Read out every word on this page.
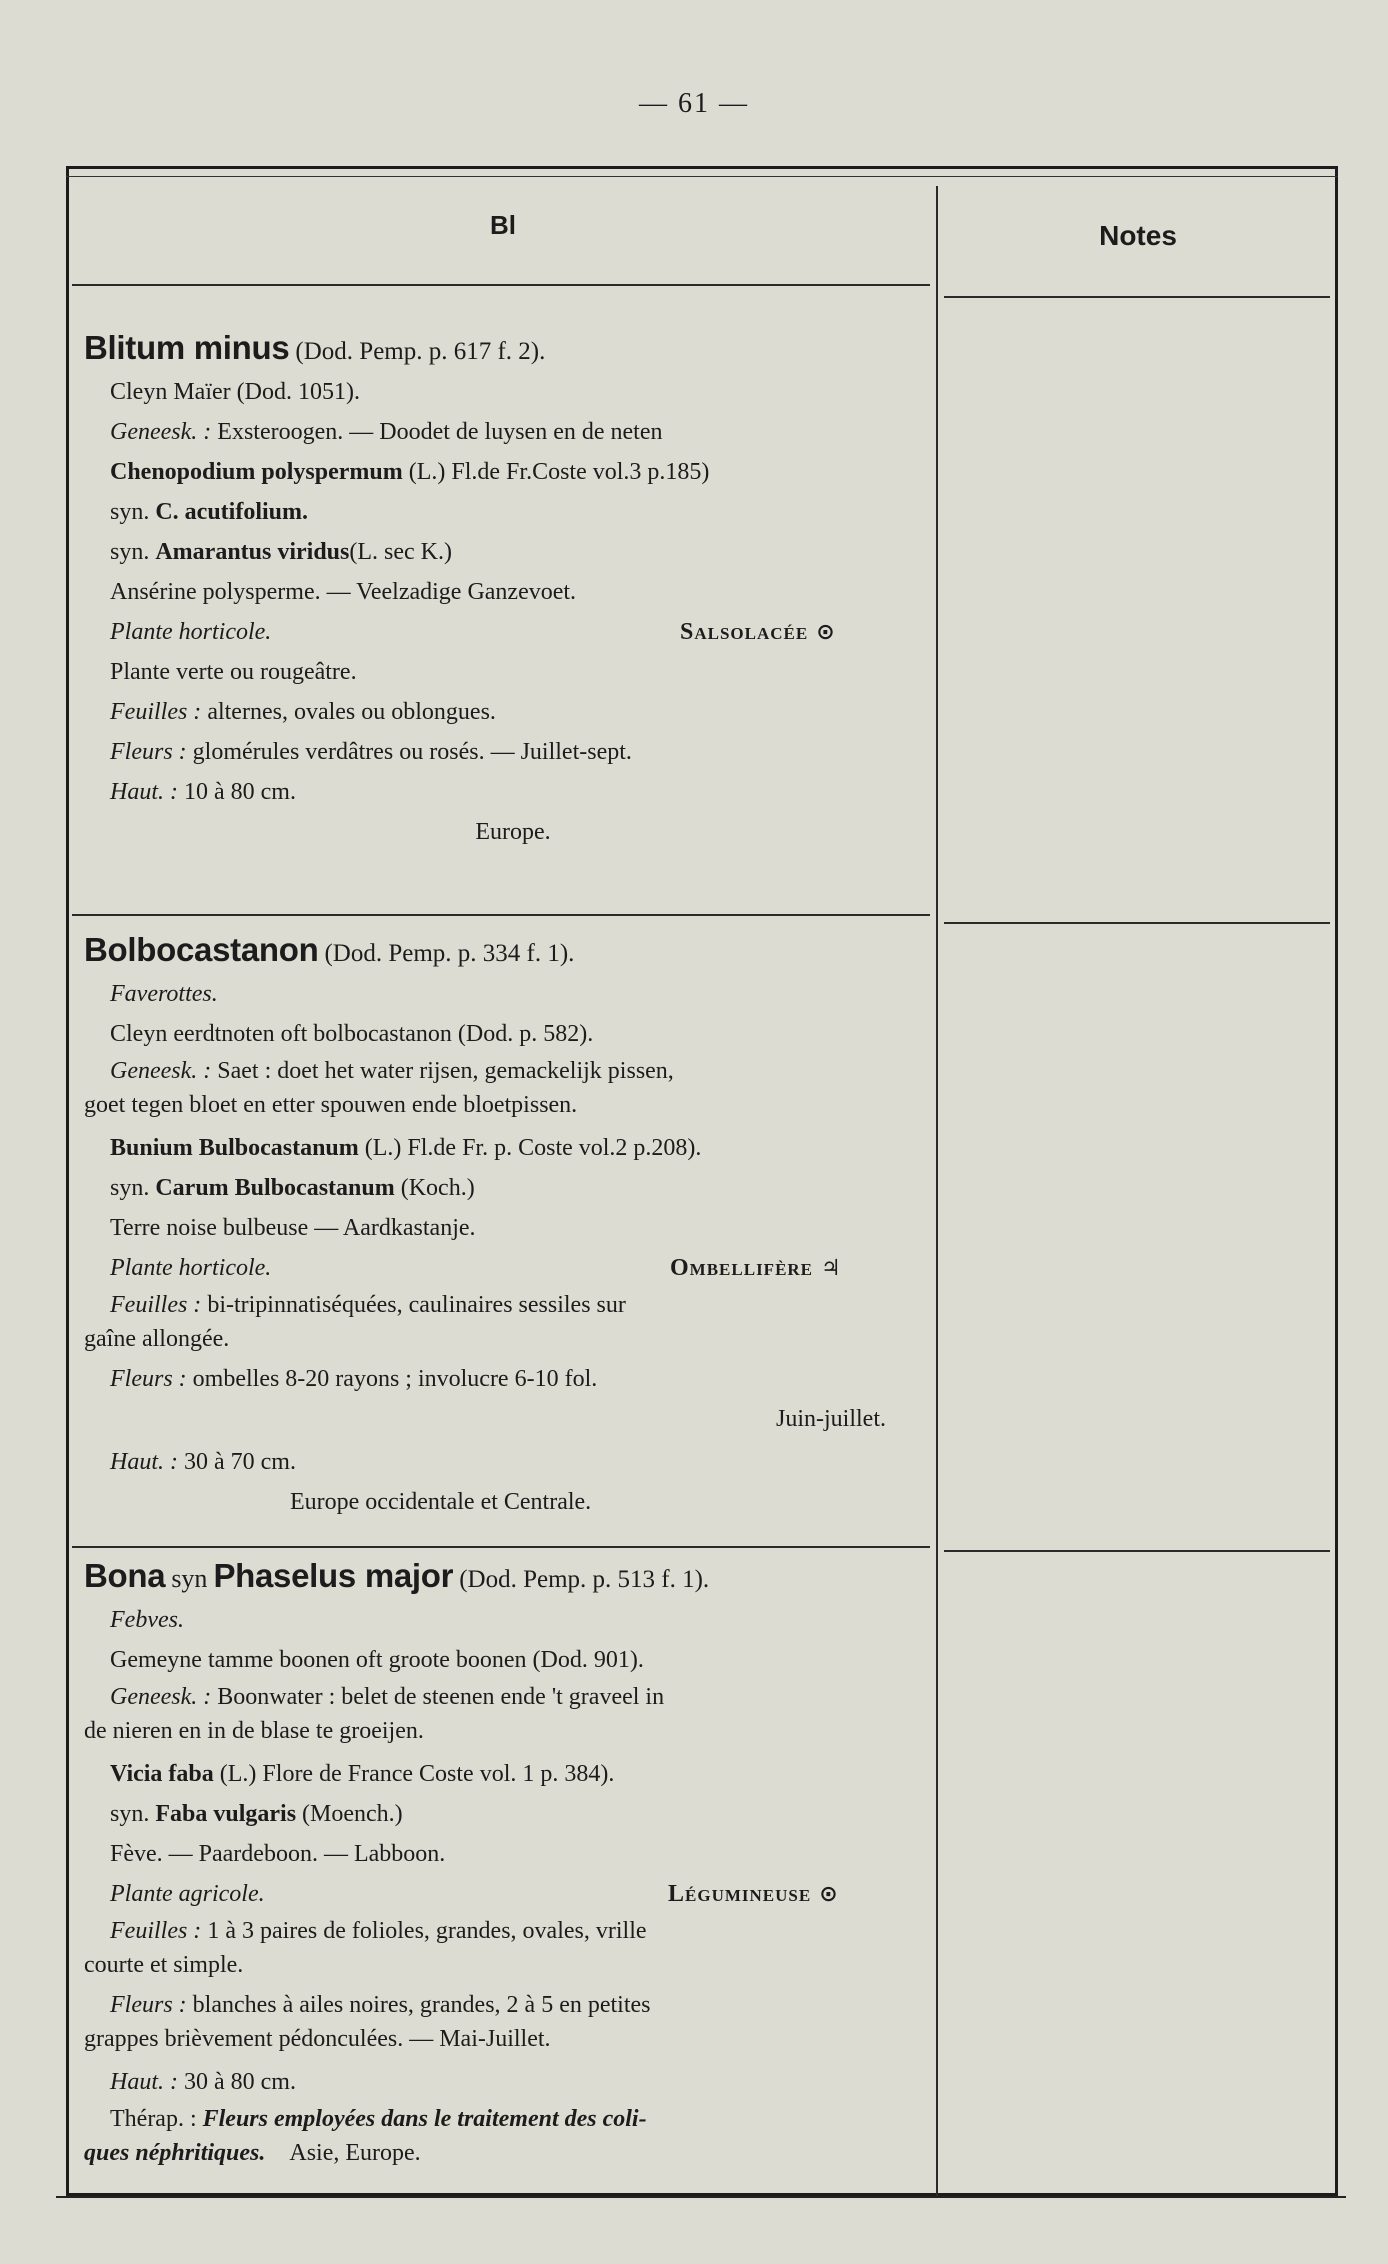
— 61 —
Bl	Notes

Blitum minus (Dod. Pemp. p. 617 f. 2).

Cleyn Maïer (Dod. 1051).

Geneesk. : Exsteroogen. — Doodet de luysen en de neten

Chenopodium polyspermum (L.) Fl.de Fr.Coste vol.3 p.185)

syn. C. acutifolium.

syn. Amarantus viridus(L. sec K.)

Ansérine polysperme. — Veelzadige Ganzevoet.

Plante horticole.	Salsolacée ⊙

Plante verte ou rougeâtre.

Feuilles : alternes, ovales ou oblongues.

Fleurs : glomérules verdâtres ou rosés. — Juillet-sept.

Haut. : 10 à 80 cm.

Europe.

Bolbocastanon (Dod. Pemp. p. 334 f. 1).

Faverottes.

Cleyn eerdtnoten oft bolbocastanon (Dod. p. 582).

Geneesk. : Saet : doet het water rijsen, gemackelijk pissen,
goet tegen bloet en etter spouwen ende bloetpissen.

Bunium Bulbocastanum (L.) Fl.de Fr. p. Coste vol.2 p.208).

syn. Carum Bulbocastanum (Koch.)

Terre noise bulbeuse — Aardkastanje.

Plante horticole.	Ombellifère ♃

Feuilles : bi-tripinnatiséquées, caulinaires sessiles sur
gaîne allongée.

Fleurs : ombelles 8-20 rayons ; involucre 6-10 fol.

Juin-juillet.

Haut. : 30 à 70 cm.

Europe occidentale et Centrale.

Bona syn Phaselus major (Dod. Pemp. p. 513 f. 1).

Febves.

Gemeyne tamme boonen oft groote boonen (Dod. 901).

Geneesk. : Boonwater : belet de steenen ende 't graveel in
de nieren en in de blase te groeijen.

Vicia faba (L.) Flore de France Coste vol. 1 p. 384).

syn. Faba vulgaris (Moench.)

Fève. — Paardeboon. — Labboon.

Plante agricole.	Légumineuse ⊙

Feuilles : 1 à 3 paires de folioles, grandes, ovales, vrille
courte et simple.

Fleurs : blanches à ailes noires, grandes, 2 à 5 en petites
grappes brièvement pédonculées. — Mai-Juillet.

Haut. : 30 à 80 cm.

Thérap. : Fleurs employées dans le traitement des coli-
ques néphritiques. Asie, Europe.
